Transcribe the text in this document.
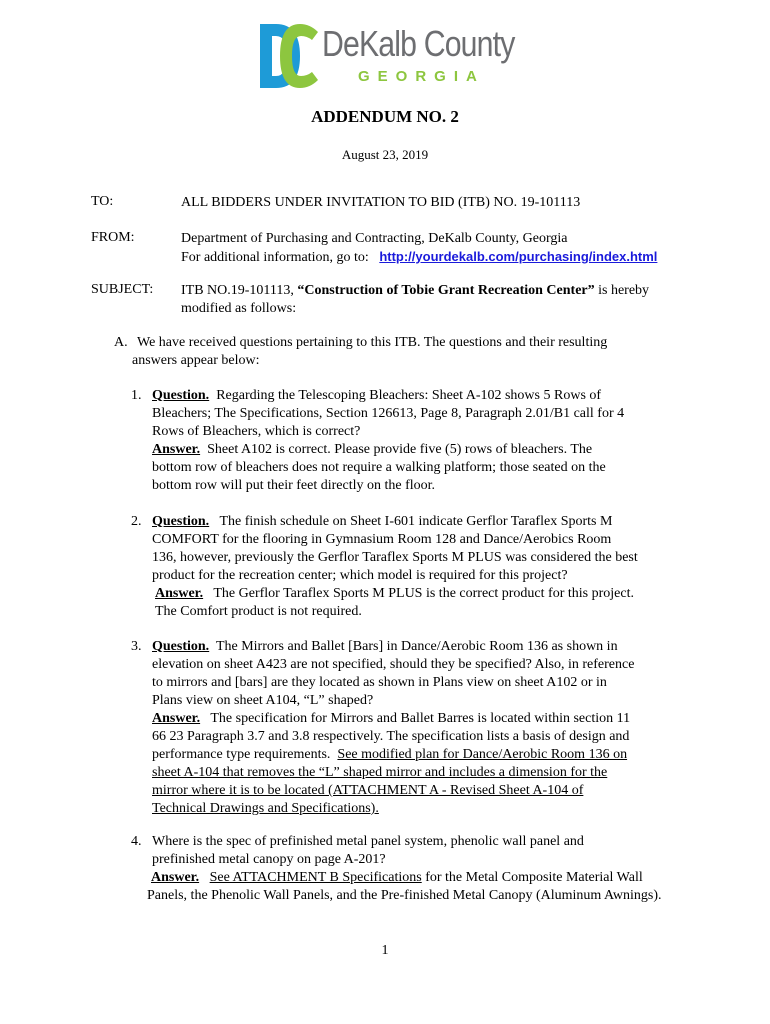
DeKalb County
GEORGIA
ADDENDUM NO. 2
August 23, 2019
TO:	ALL BIDDERS UNDER INVITATION TO BID (ITB) NO. 19-101113
FROM:	Department of Purchasing and Contracting, DeKalb County, Georgia
For additional information, go to: http://yourdekalb.com/purchasing/index.html
SUBJECT: ITB NO.19-101113, “Construction of Tobie Grant Recreation Center” is hereby
modified as follows:
A. We have received questions pertaining to this ITB. The questions and their resulting
answers appear below:
1. Question. Regarding the Telescoping Bleachers: Sheet A-102 shows 5 Rows of
Bleachers; The Specifications, Section 126613, Page 8, Paragraph 2.01/B1 call for 4
Rows of Bleachers, which is correct?
Answer. Sheet A102 is correct. Please provide five (5) rows of bleachers. The
bottom row of bleachers does not require a walking platform; those seated on the
bottom row will put their feet directly on the floor.
2. Question. The finish schedule on Sheet I-601 indicate Gerflor Taraflex Sports M
COMFORT for the flooring in Gymnasium Room 128 and Dance/Aerobics Room
136, however, previously the Gerflor Taraflex Sports M PLUS was considered the best
product for the recreation center; which model is required for this project?
Answer. The Gerflor Taraflex Sports M PLUS is the correct product for this project.
The Comfort product is not required.
3. Question. The Mirrors and Ballet [Bars] in Dance/Aerobic Room 136 as shown in
elevation on sheet A423 are not specified, should they be specified? Also, in reference
to mirrors and [bars] are they located as shown in Plans view on sheet A102 or in
Plans view on sheet A104, “L” shaped?
Answer. The specification for Mirrors and Ballet Barres is located within section 11
66 23 Paragraph 3.7 and 3.8 respectively. The specification lists a basis of design and
performance type requirements.  See modified plan for Dance/Aerobic Room 136 on
sheet A-104 that removes the “L” shaped mirror and includes a dimension for the
mirror where it is to be located (ATTACHMENT A - Revised Sheet A-104 of
Technical Drawings and Specifications).
4. Where is the spec of prefinished metal panel system, phenolic wall panel and
prefinished metal canopy on page A-201?
Answer. See ATTACHMENT B Specifications for the Metal Composite Material Wall
Panels, the Phenolic Wall Panels, and the Pre-finished Metal Canopy (Aluminum Awnings).
1
